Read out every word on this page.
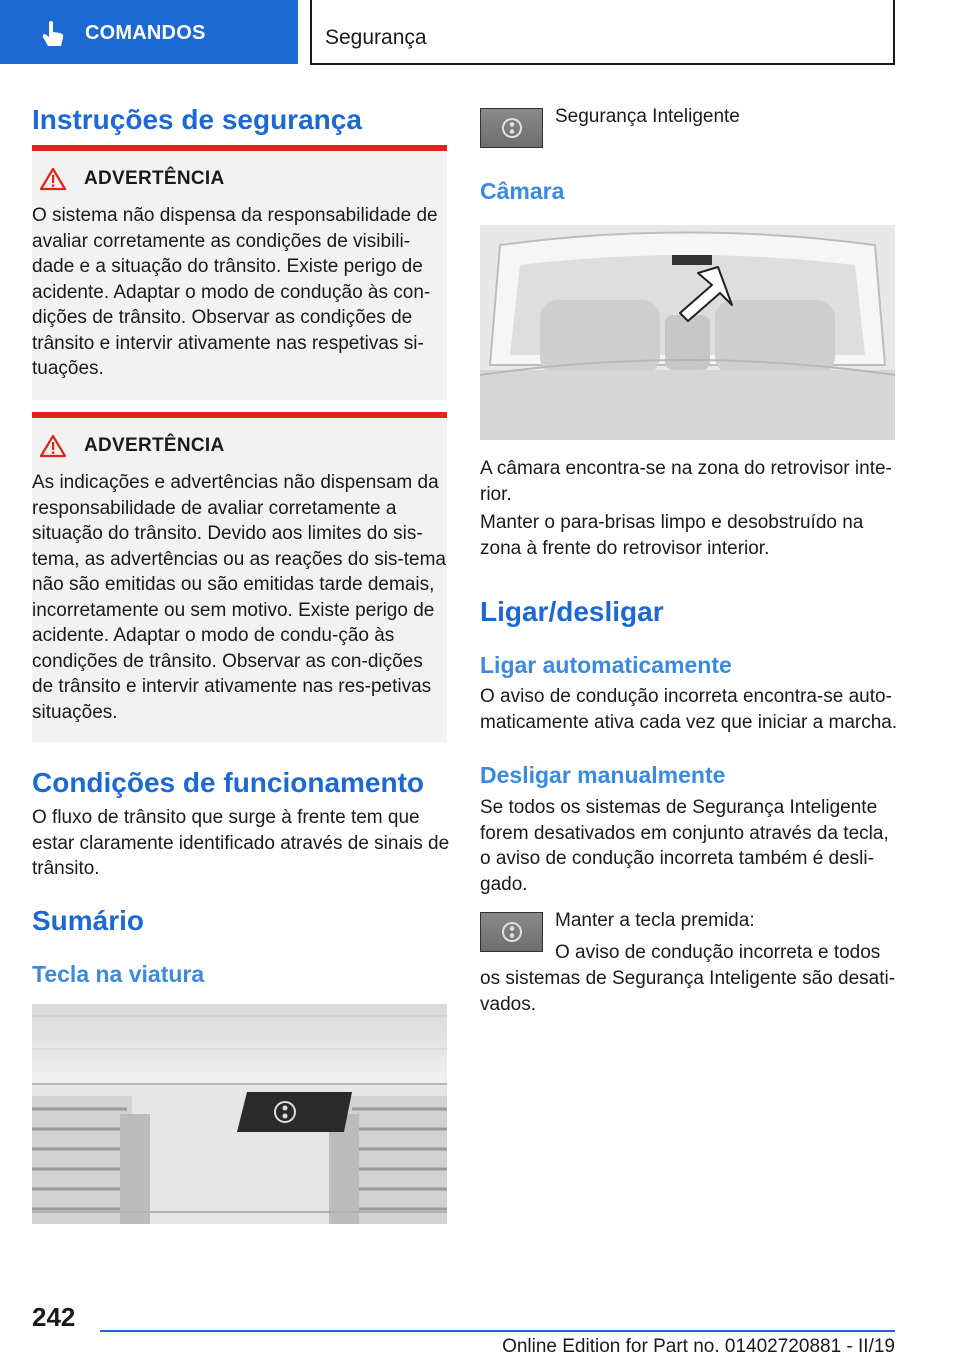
COMANDOS	Segurança
Instruções de segurança
ADVERTÊNCIA
O sistema não dispensa da responsabilidade de avaliar corretamente as condições de visibili-dade e a situação do trânsito. Existe perigo de acidente. Adaptar o modo de condução às con-dições de trânsito. Observar as condições de trânsito e intervir ativamente nas respetivas si-tuações.
ADVERTÊNCIA
As indicações e advertências não dispensam da responsabilidade de avaliar corretamente a situação do trânsito. Devido aos limites do sis-tema, as advertências ou as reações do sis-tema não são emitidas ou são emitidas tarde demais, incorretamente ou sem motivo. Existe perigo de acidente. Adaptar o modo de condu-ção às condições de trânsito. Observar as con-dições de trânsito e intervir ativamente nas res-petivas situações.
Condições de funcionamento
O fluxo de trânsito que surge à frente tem que estar claramente identificado através de sinais de trânsito.
Sumário
Tecla na viatura
Segurança Inteligente
Câmara
A câmara encontra-se na zona do retrovisor inte-rior.
Manter o para-brisas limpo e desobstruído na zona à frente do retrovisor interior.
Ligar/desligar
Ligar automaticamente
O aviso de condução incorreta encontra-se auto-maticamente ativa cada vez que iniciar a marcha.
Desligar manualmente
Se todos os sistemas de Segurança Inteligente forem desativados em conjunto através da tecla, o aviso de condução incorreta também é desli-gado.
Manter a tecla premida:
O aviso de condução incorreta e todos
os sistemas de Segurança Inteligente são desati-vados.
242
Online Edition for Part no. 01402720881 - II/19
